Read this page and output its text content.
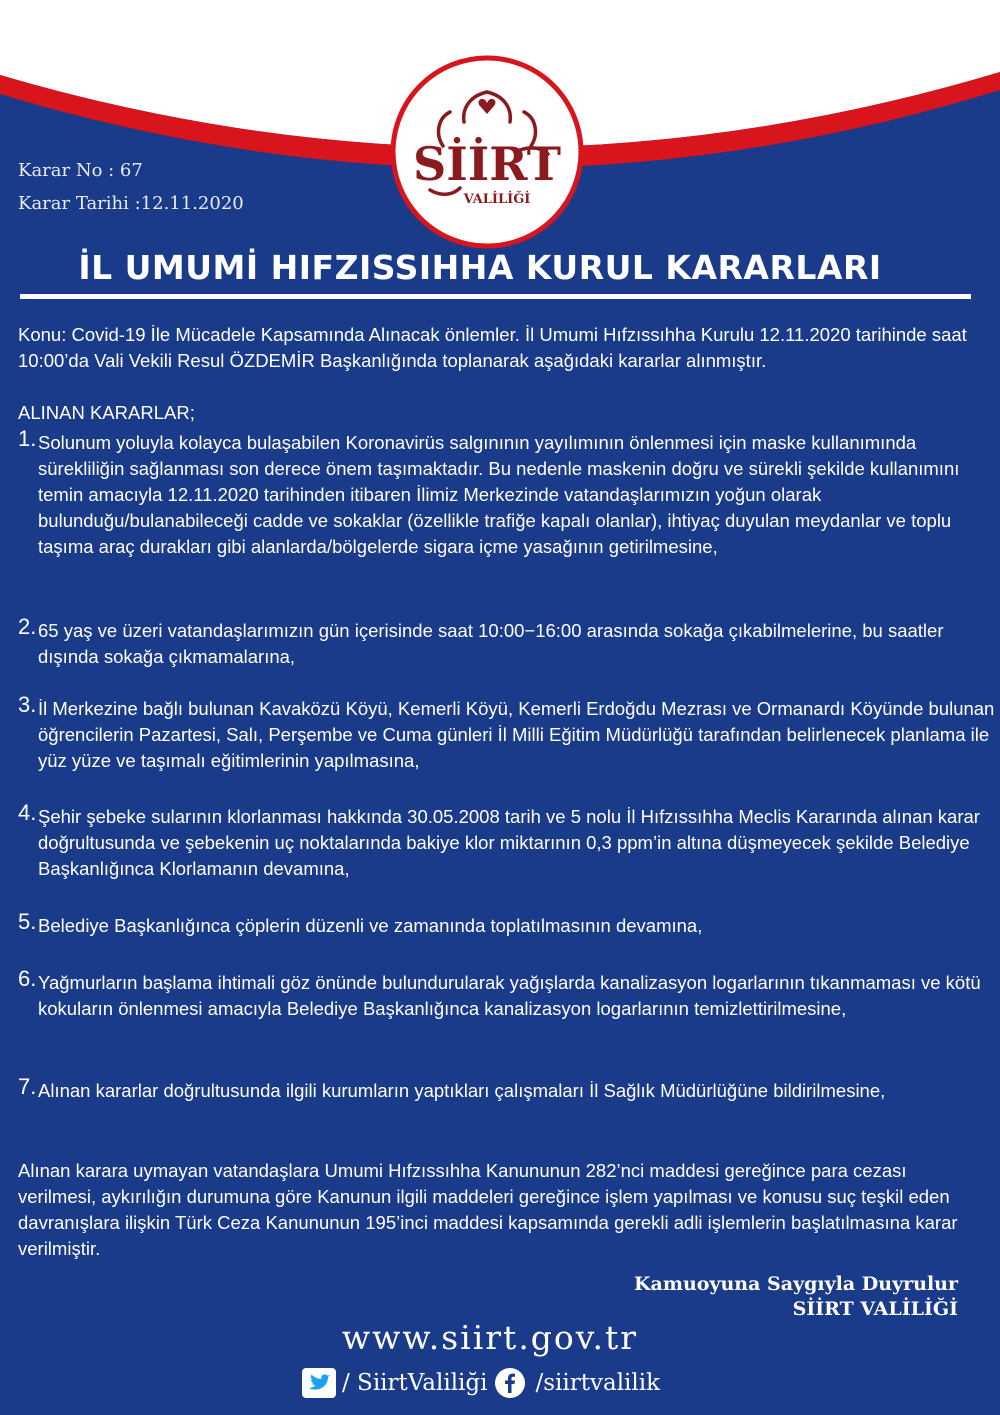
SİİRT
VALİLİĞİ
Karar No : 67
Karar Tarihi :12.11.2020
İL UMUMİ HIFZISSIHHA KURUL KARARLARI
Konu: Covid-19 İle Mücadele Kapsamında Alınacak önlemler. İl Umumi Hıfzıssıhha Kurulu 12.11.2020 tarihinde saat 10:00’da Vali Vekili Resul ÖZDEMİR Başkanlığında toplanarak aşağıdaki kararlar alınmıştır.
ALINAN KARARLAR;
1. Solunum yoluyla kolayca bulaşabilen Koronavirüs salgınının yayılımının önlenmesi için maske kullanımında sürekliliğin sağlanması son derece önem taşımaktadır. Bu nedenle maskenin doğru ve sürekli şekilde kullanımını temin amacıyla 12.11.2020 tarihinden itibaren İlimiz Merkezinde vatandaşlarımızın yoğun olarak bulunduğu/bulanabileceği cadde ve sokaklar (özellikle trafiğe kapalı olanlar), ihtiyaç duyulan meydanlar ve toplu taşıma araç durakları gibi alanlarda/bölgelerde sigara içme yasağının getirilmesine,
2. 65 yaş ve üzeri vatandaşlarımızın gün içerisinde saat 10:00−16:00 arasında sokağa çıkabilmelerine, bu saatler dışında sokağa çıkmamalarına,
3. İl Merkezine bağlı bulunan Kavaközü Köyü, Kemerli Köyü, Kemerli Erdoğdu Mezrası ve Ormanardı Köyünde bulunan öğrencilerin Pazartesi, Salı, Perşembe ve Cuma günleri İl Milli Eğitim Müdürlüğü tarafından belirlenecek planlama ile yüz yüze ve taşımalı eğitimlerinin yapılmasına,
4. Şehir şebeke sularının klorlanması hakkında 30.05.2008 tarih ve 5 nolu İl Hıfzıssıhha Meclis Kararında alınan karar doğrultusunda ve şebekenin uç noktalarında bakiye klor miktarının 0,3 ppm’in altına düşmeyecek şekilde Belediye Başkanlığınca Klorlamanın devamına,
5. Belediye Başkanlığınca çöplerin düzenli ve zamanında toplatılmasının devamına,
6. Yağmurların başlama ihtimali göz önünde bulundurularak yağışlarda kanalizasyon logarlarının tıkanmaması ve kötü kokuların önlenmesi amacıyla Belediye Başkanlığınca kanalizasyon logarlarının temizlettirilmesine,
7. Alınan kararlar doğrultusunda ilgili kurumların yaptıkları çalışmaları İl Sağlık Müdürlüğüne bildirilmesine,
Alınan karara uymayan vatandaşlara Umumi Hıfzıssıhha Kanununun 282’nci maddesi gereğince para cezası verilmesi, aykırılığın durumuna göre Kanunun ilgili maddeleri gereğince işlem yapılması ve konusu suç teşkil eden davranışlara ilişkin Türk Ceza Kanununun 195’inci maddesi kapsamında gerekli adli işlemlerin başlatılmasına karar verilmiştir.
Kamuoyuna Saygıyla Duyrulur
SİİRT VALİLİĞİ
www.siirt.gov.tr
/ SiirtValiliği /siirtvalilik
